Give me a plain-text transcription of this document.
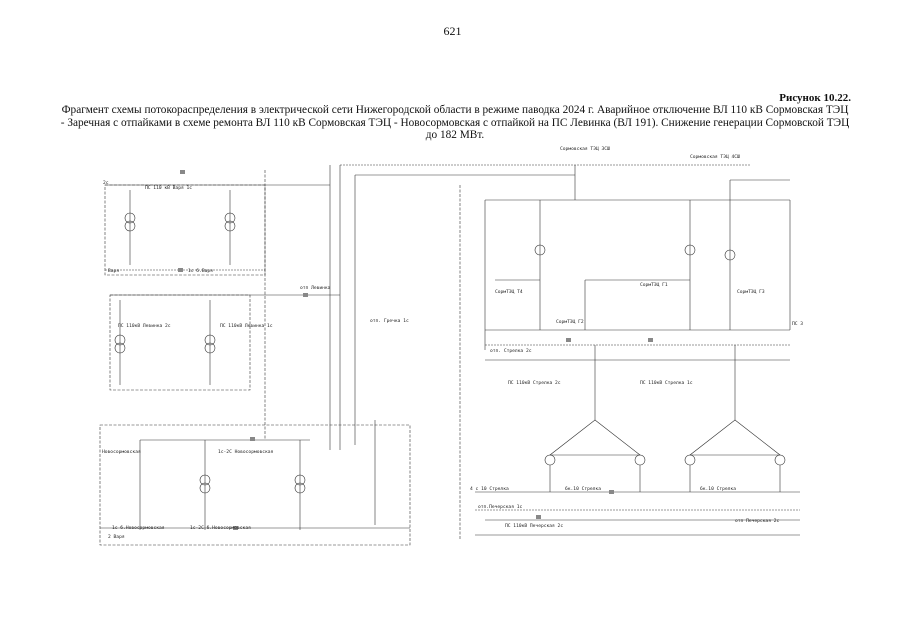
621
Рисунок 10.22.
Фрагмент схемы потокораспределения в электрической сети Нижегородской области в режиме паводка 2024 г. Аварийное отключение ВЛ 110 кВ Сормовская ТЭЦ - Заречная с отпайками в схеме ремонта ВЛ 110 кВ Сормовская ТЭЦ - Новосормовская с отпайкой на ПС Левинка (ВЛ 191). Снижение генерации Сормовской ТЭЦ до 182 МВт.
Сормовская ТЭЦ 3СШ
Сормовская ТЭЦ 4СШ
ПС 110 кВ Варя 1с
2с
Варя	1с б.Варя
ПС 110кВ Левинка 2с	ПС 110кВ Левинка 1с
отп Левинка
отп. Гречка 1с
отп. Стрелка 2с
ПС 110кВ Стрелка 2с	ПС 110кВ Стрелка 1с
СормТЭЦ Т4
СормТЭЦ Г1
СормТЭЦ Г2
СормТЭЦ Г3
ПС 3
Новосормовская	1с-2С Новосормовская
1с б.Новосормовская	1с-2С б.Новосормовская
2 Варя
4 с 10 Стрелка	6к.10 Стрелка	6к.10 Стрелка
отп.Печерская 1с
ПС 110кВ Печерская 2с
отп Печерская 2с
